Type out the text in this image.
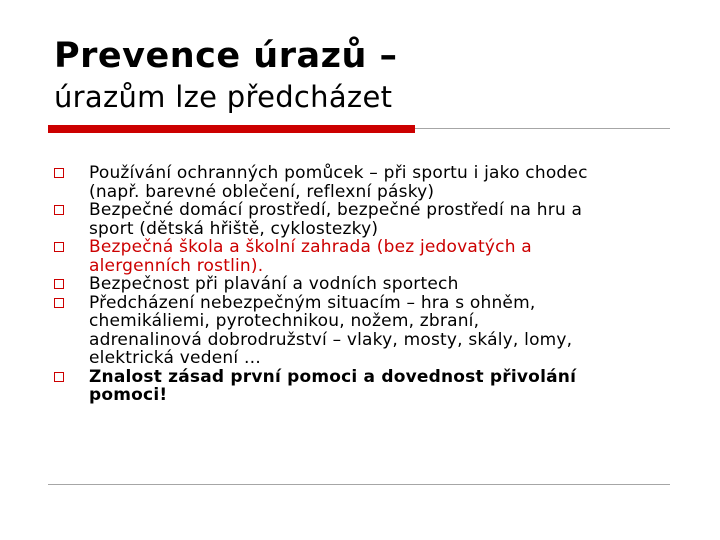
Prevence úrazů –
úrazům lze předcházet
Používání ochranných pomůcek – při sportu i jako chodec
(např. barevné oblečení, reflexní pásky)
Bezpečné domácí prostředí, bezpečné prostředí na hru a
sport (dětská hřiště, cyklostezky)
Bezpečná škola a školní zahrada (bez jedovatých a
alergenních rostlin).
Bezpečnost při plavání a vodních sportech
Předcházení nebezpečným situacím – hra s ohněm,
chemikáliemi, pyrotechnikou, nožem, zbraní,
adrenalinová dobrodružství – vlaky, mosty, skály, lomy,
elektrická vedení …
Znalost zásad první pomoci a dovednost přivolání
pomoci!
